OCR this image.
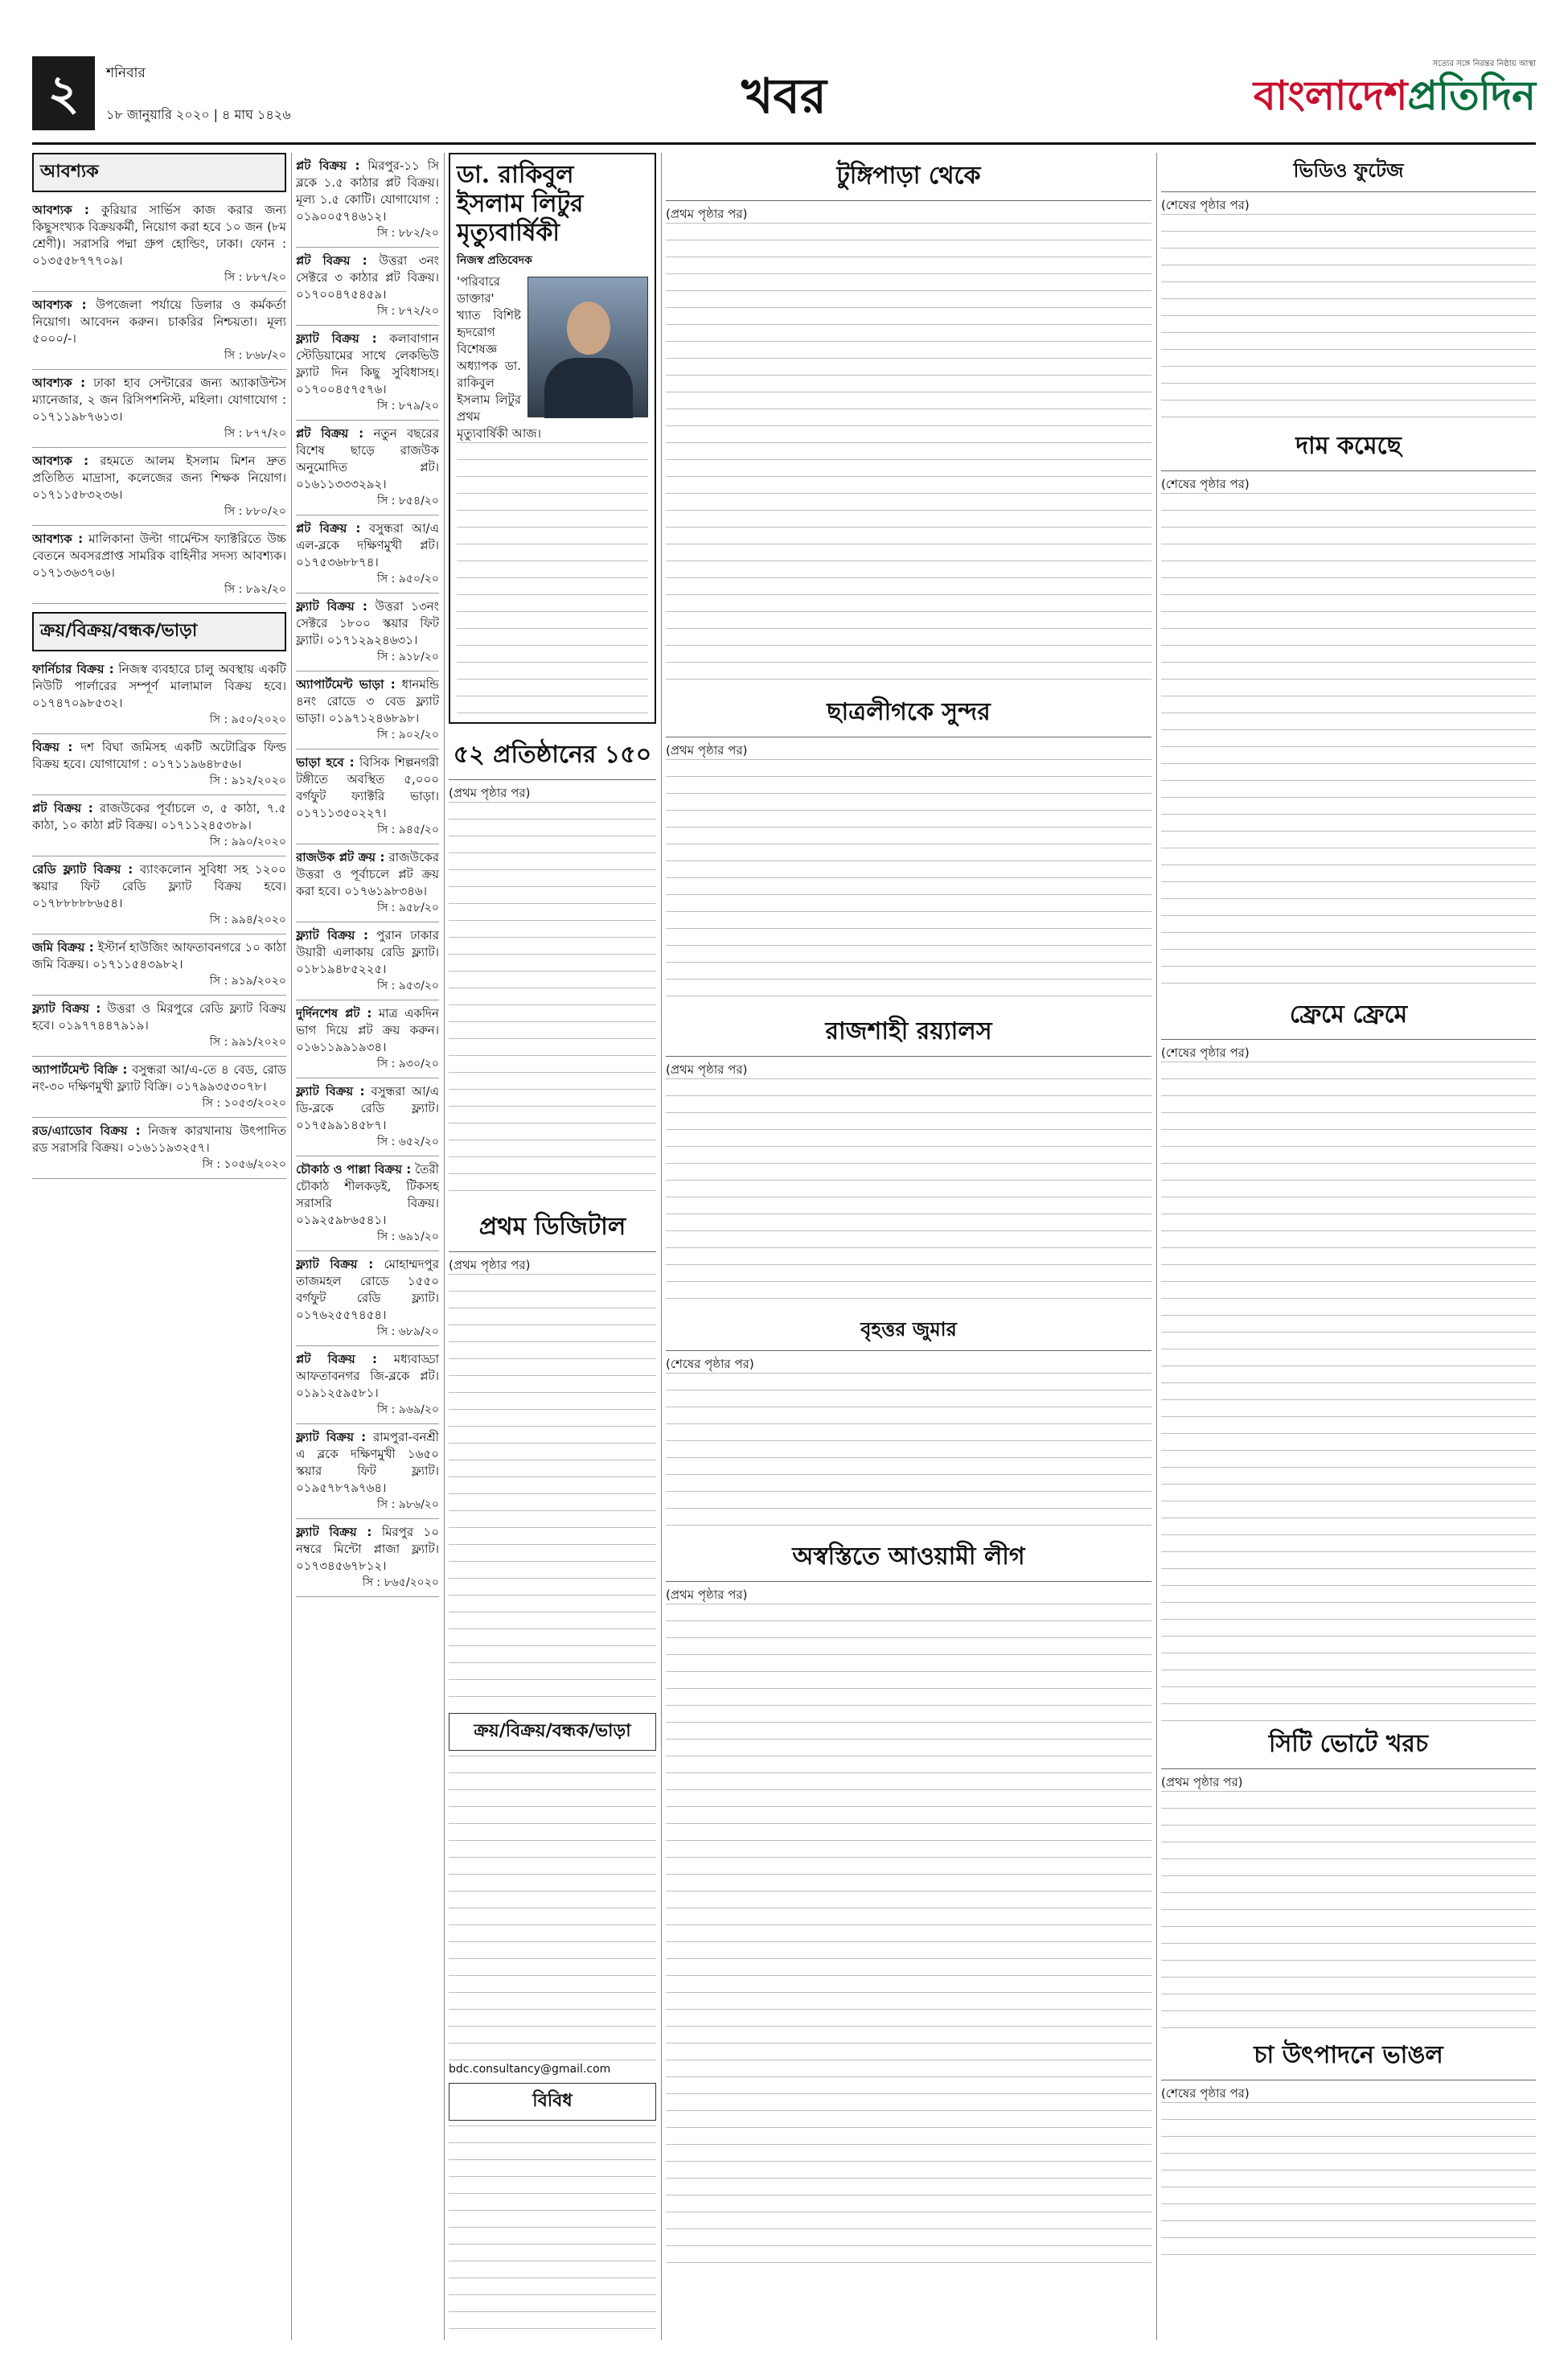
২	শনিবার
১৮ জানুয়ারি ২০২০ | ৪ মাঘ ১৪২৬	খবর
সত্যের সঙ্গে নিরন্তর নিষ্ঠায় আস্থা
বাংলাদেশপ্রতিদিন
আবশ্যক
আবশ্যক : কুরিয়ার সার্ভিস কাজ করার জন্য কিছুসংখ্যক বিক্রয়কর্মী, নিয়োগ করা হবে ১০ জন (৮ম শ্রেণী)। সরাসরি পদ্মা গ্রুপ হোল্ডিং, ঢাকা। ফোন : ০১৩৫৫৮৭৭৭০৯।
সি : ৮৮৭/২০
আবশ্যক : উপজেলা পর্যায়ে ডিলার ও কর্মকর্তা নিয়োগ। আবেদন করুন। চাকরির নিশ্চয়তা। মূল্য ৫০০০/-।
সি : ৮৬৮/২০
আবশ্যক : ঢাকা হাব সেন্টারের জন্য অ্যাকাউন্টস ম্যানেজার, ২ জন রিসিপশনিস্ট, মহিলা। যোগাযোগ : ০১৭১১৯৮৭৬১৩।
সি : ৮৭৭/২০
আবশ্যক : রহমতে আলম ইসলাম মিশন দ্রুত প্রতিষ্ঠিত মাদ্রাসা, কলেজের জন্য শিক্ষক নিয়োগ। ০১৭১১৫৮৩২৩৬।
সি : ৮৮০/২০
আবশ্যক : মালিকানা উল্টা গার্মেন্টস ফ্যাক্টরিতে উচ্চ বেতনে অবসরপ্রাপ্ত সামরিক বাহিনীর সদস্য আবশ্যক। ০১৭১৩৬৩৭০৬।
সি : ৮৯২/২০
ক্রয়/বিক্রয়/বন্ধক/ভাড়া
ফার্নিচার বিক্রয় : নিজস্ব ব্যবহারে চালু অবস্থায় একটি নিউটি পার্লারের সম্পূর্ণ মালামাল বিক্রয় হবে। ০১৭৪৭০৯৮৫৩২।
সি : ৯৫০/২০২০
বিক্রয় : দশ বিঘা জমিসহ একটি অটোব্রিক ফিল্ড বিক্রয় হবে। যোগাযোগ : ০১৭১১৯৬৪৮৫৬।
সি : ৯১২/২০২০
প্লট বিক্রয় : রাজউকের পূর্বাচলে ৩, ৫ কাঠা, ৭.৫ কাঠা, ১০ কাঠা প্লট বিক্রয়। ০১৭১১২৪৫৩৮৯।
সি : ৯৯০/২০২০
রেডি ফ্ল্যাট বিক্রয় : ব্যাংকলোন সুবিধা সহ ১২০০ স্কয়ার ফিট রেডি ফ্ল্যাট বিক্রয় হবে। ০১৭৮৮৮৮৮৬৫৪।
সি : ৯৯৪/২০২০
জমি বিক্রয় : ইস্টার্ন হাউজিং আফতাবনগরে ১০ কাঠা জমি বিক্রয়। ০১৭১১৫৪৩৯৮২।
সি : ৯১৯/২০২০
ফ্ল্যাট বিক্রয় : উত্তরা ও মিরপুরে রেডি ফ্ল্যাট বিক্রয় হবে। ০১৯৭৭৪৪৭৯১৯।
সি : ৯৯১/২০২০
অ্যাপার্টমেন্ট বিক্রি : বসুন্ধরা আ/এ-তে ৪ বেড, রোড নং-৩০ দক্ষিণমুখী ফ্ল্যাট বিক্রি। ০১৭৯৯৩৫৩০৭৮।
সি : ১০৫৩/২০২০
রড/এ্যাডোব বিক্রয় : নিজস্ব কারখানায় উৎপাদিত রড সরাসরি বিক্রয়। ০১৬১১৯৩২৫৭।
সি : ১০৫৬/২০২০
প্লট বিক্রয় : মিরপুর-১১ সি ব্লকে ১.৫ কাঠার প্লট বিক্রয়। মূল্য ১.৫ কোটি। যোগাযোগ : ০১৯০০৫৭৪৬১২।
সি : ৮৮২/২০
প্লট বিক্রয় : উত্তরা ৩নং সেক্টরে ৩ কাঠার প্লট বিক্রয়। ০১৭০০৪৭৫৪৫৯।
সি : ৮৭২/২০
ফ্ল্যাট বিক্রয় : কলাবাগান স্টেডিয়ামের সাথে লেকভিউ ফ্ল্যাট দিন কিছু সুবিধাসহ। ০১৭০০৪৫৭৫৭৬।
সি : ৮৭৯/২০
প্লট বিক্রয় : নতুন বছরের বিশেষ ছাড়ে রাজউক অনুমোদিত প্লট। ০১৬১১৩৩৩২৯২।
সি : ৮৫৪/২০
প্লট বিক্রয় : বসুন্ধরা আ/এ এল-ব্লকে দক্ষিণমুখী প্লট। ০১৭৫৩৬৮৮৭৪।
সি : ৯৫০/২০
ফ্ল্যাট বিক্রয় : উত্তরা ১৩নং সেক্টরে ১৮০০ স্কয়ার ফিট ফ্ল্যাট। ০১৭১২৯২৪৬৩১।
সি : ৯১৮/২০
অ্যাপার্টমেন্ট ভাড়া : ধানমন্ডি ৪নং রোডে ৩ বেড ফ্ল্যাট ভাড়া। ০১৯৭১২৪৬৮৯৮।
সি : ৯০২/২০
ভাড়া হবে : বিসিক শিল্পনগরী টঙ্গীতে অবস্থিত ৫,০০০ বর্গফুট ফ্যাক্টরি ভাড়া। ০১৭১১৩৫০২২৭।
সি : ৯৪৫/২০
রাজউক প্লট ক্রয় : রাজউকের উত্তরা ও পূর্বাচলে প্লট ক্রয় করা হবে। ০১৭৬১৯৮৩৪৬।
সি : ৯৫৮/২০
ফ্ল্যাট বিক্রয় : পুরান ঢাকার উয়ারী এলাকায় রেডি ফ্ল্যাট। ০১৮১৯৪৮৫২২৫।
সি : ৯৫৩/২০
দুর্দিনশেষ প্লট : মাত্র একদিন ভাগ দিয়ে প্লট ক্রয় করুন। ০১৬১১৯৯১৯৩৪।
সি : ৯৩০/২০
ফ্ল্যাট বিক্রয় : বসুন্ধরা আ/এ ডি-ব্লকে রেডি ফ্ল্যাট। ০১৭৫৯৯১৪৫৮৭।
সি : ৬৫২/২০
চৌকাঠ ও পাল্লা বিক্রয় : তৈরী চৌকাঠ শীলকড়ই, টিকসহ সরাসরি বিক্রয়। ০১৯২৫৯৮৬৫৪১।
সি : ৬৯১/২০
ফ্ল্যাট বিক্রয় : মোহাম্মদপুর তাজমহল রোডে ১৫৫০ বর্গফুট রেডি ফ্ল্যাট। ০১৭৬২৫৫৭৪৫৪।
সি : ৬৮৯/২০
প্লট বিক্রয় : মধ্যবাড্ডা আফতাবনগর জি-ব্লকে প্লট। ০১৯১২৫৯৫৮১।
সি : ৯৬৯/২০
ফ্ল্যাট বিক্রয় : রামপুরা-বনশ্রী এ ব্লকে দক্ষিণমুখী ১৬৫০ স্কয়ার ফিট ফ্ল্যাট। ০১৯৫৭৮৭৯৭৬৪।
সি : ৯৮৬/২০
ফ্ল্যাট বিক্রয় : মিরপুর ১০ নম্বরে মিন্টো প্লাজা ফ্ল্যাট। ০১৭৩৪৫৬৭৮১২।
সি : ৮৬৫/২০২০
ডা. রাকিবুল ইসলাম লিটুর মৃত্যুবার্ষিকী
নিজস্ব প্রতিবেদক
'পরিবারে ডাক্তার' খ্যাত বিশিষ্ট হৃদরোগ বিশেষজ্ঞ অধ্যাপক ডা. রাকিবুল ইসলাম লিটুর প্রথম মৃত্যুবার্ষিকী আজ।
৫২ প্রতিষ্ঠানের ১৫০
(প্রথম পৃষ্ঠার পর)
প্রথম ডিজিটাল
(প্রথম পৃষ্ঠার পর)
ক্রয়/বিক্রয়/বন্ধক/ভাড়া
bdc.consultancy@gmail.com
বিবিধ
টুঙ্গিপাড়া থেকে
(প্রথম পৃষ্ঠার পর)
ছাত্রলীগকে সুন্দর
(প্রথম পৃষ্ঠার পর)
রাজশাহী রয়্যালস
(প্রথম পৃষ্ঠার পর)
বৃহত্তর জুমার
(শেষের পৃষ্ঠার পর)
অস্বস্তিতে আওয়ামী লীগ
(প্রথম পৃষ্ঠার পর)
ভিডিও ফুটেজ
(শেষের পৃষ্ঠার পর)
দাম কমেছে
(শেষের পৃষ্ঠার পর)
ফ্রেমে ফ্রেমে
(শেষের পৃষ্ঠার পর)
সিটি ভোটে খরচ
(প্রথম পৃষ্ঠার পর)
চা উৎপাদনে ভাঙল
(শেষের পৃষ্ঠার পর)
